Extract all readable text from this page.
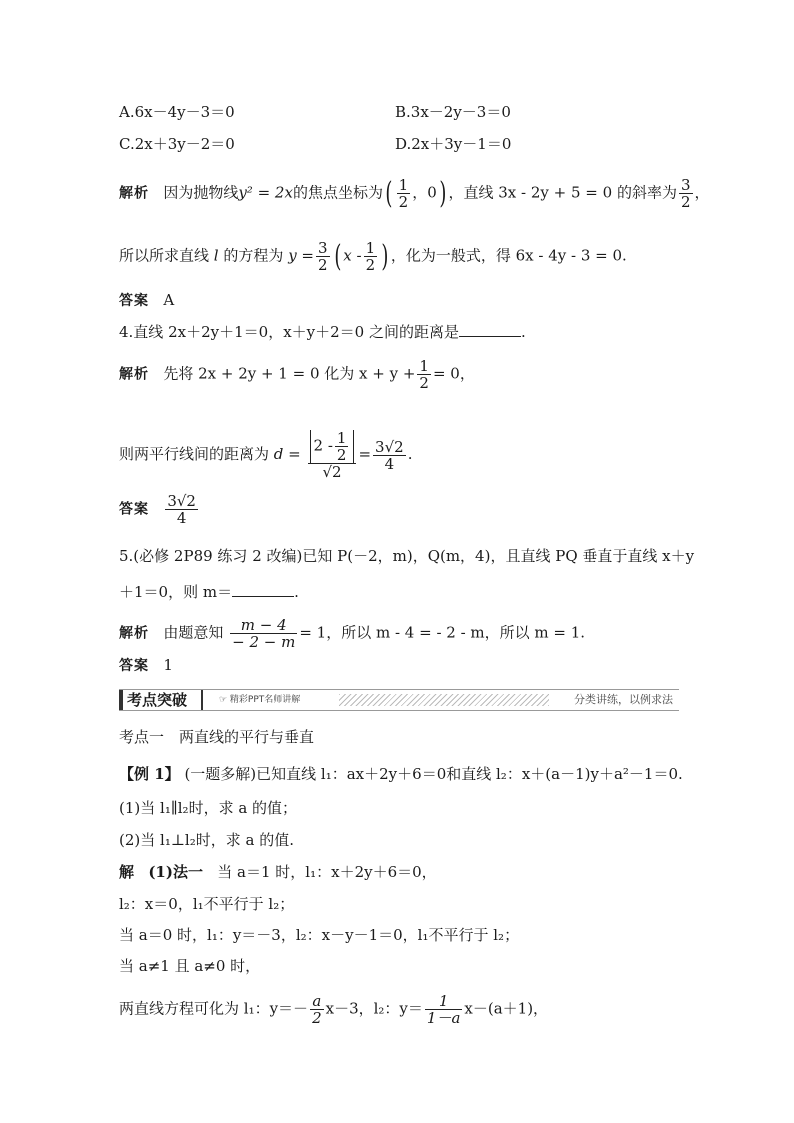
A.6x－4y－3＝0	B.3x－2y－3＝0
C.2x＋3y－2＝0	D.2x＋3y－1＝0
解析 因为抛物线y² = 2x的焦点坐标为( $\frac{1}{2}$ ，0) ，直线 3x - 2y + 5 = 0 的斜率为 $\frac{3}{2}$ ，
所以所求直线 l 的方程为 $y = \frac{3}{2}$ ( x - $\frac{1}{2}$ ) ，化为一般式，得 6x - 4y - 3 = 0.
答案 A
4.直线 2x＋2y＋1＝0，x＋y＋2＝0 之间的距离是	.
解析 先将 2x + 2y + 1 = 0 化为 $x + y + \frac{1}{2} = 0$，
则两平行线间的距离为 $d = \frac{2 - \frac{1}{2}}{√2} = \frac{3√2}{4}$ .
答案 $\frac{3√2}{4}$
5.(必修 2P89 练习 2 改编)已知 P(－2，m)，Q(m，4)，且直线 PQ 垂直于直线 x＋y
＋1＝0，则 m＝	.
解析 由题意知 $\frac{m - 4}{- 2 - m} = 1$，所以 m - 4 = - 2 - m，所以 m = 1.
答案 1
考点突破	☞ 精彩PPT名师讲解	分类讲练，以例求法
考点一　两直线的平行与垂直
【例 1】 (一题多解)已知直线 l₁：ax＋2y＋6＝0和直线 l₂：x＋(a－1)y＋a²－1＝0.
(1)当 l₁∥l₂时，求 a 的值；
(2)当 l₁⊥l₂时，求 a 的值.
解 (1)法一 当 a＝1 时，l₁：x＋2y＋6＝0，
l₂：x＝0，l₁不平行于 l₂；
当 a＝0 时，l₁：y＝－3，l₂：x－y－1＝0，l₁不平行于 l₂；
当 a≠1 且 a≠0 时，
两直线方程可化为 l₁：$y=- \frac{a}{2} x-3$，l₂：$y= \frac{1}{1-a} x-(a+1)$，
